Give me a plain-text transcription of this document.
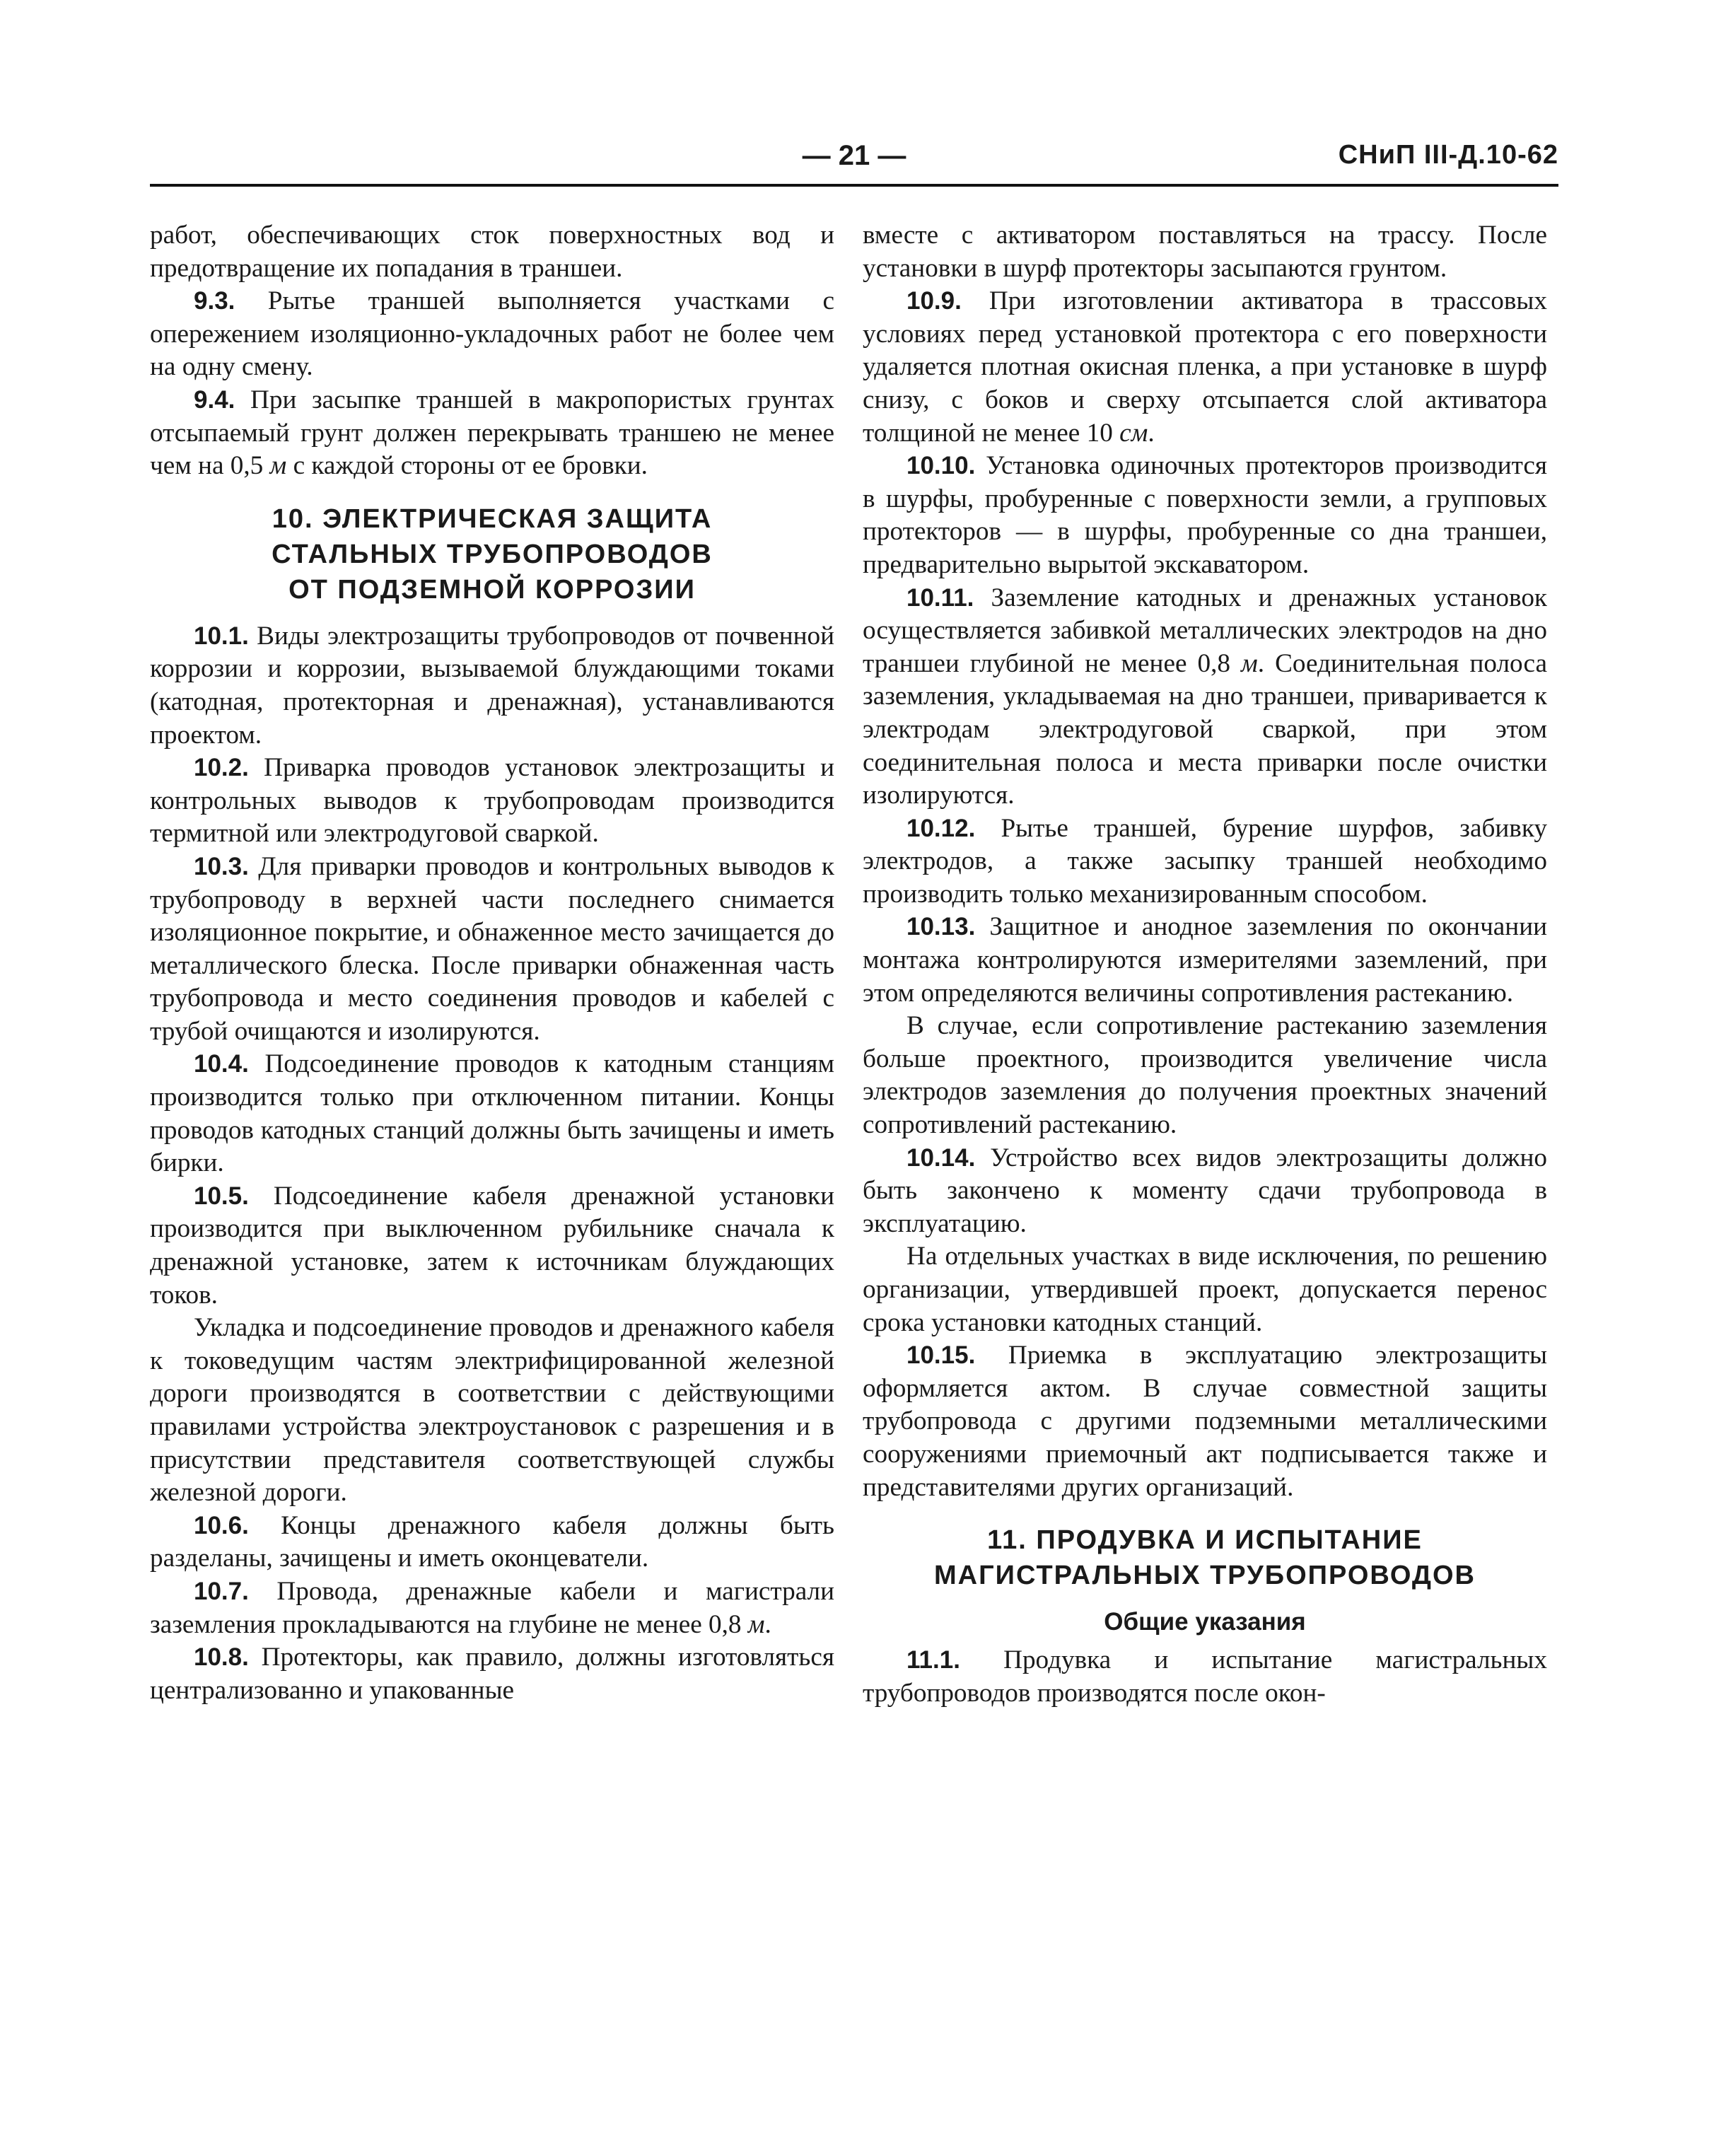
— 21 —	СНиП III-Д.10-62

работ, обеспечивающих сток поверхностных вод и предотвращение их попадания в траншеи.

9.3. Рытье траншей выполняется участками с опережением изоляционно-укладочных работ не более чем на одну смену.

9.4. При засыпке траншей в макропористых грунтах отсыпаемый грунт должен перекрывать траншею не менее чем на 0,5 м с каждой стороны от ее бровки.

10. ЭЛЕКТРИЧЕСКАЯ ЗАЩИТА
СТАЛЬНЫХ ТРУБОПРОВОДОВ
ОТ ПОДЗЕМНОЙ КОРРОЗИИ

10.1. Виды электрозащиты трубопроводов от почвенной коррозии и коррозии, вызываемой блуждающими токами (катодная, протекторная и дренажная), устанавливаются проектом.

10.2. Приварка проводов установок электрозащиты и контрольных выводов к трубопроводам производится термитной или электродуговой сваркой.

10.3. Для приварки проводов и контрольных выводов к трубопроводу в верхней части последнего снимается изоляционное покрытие, и обнаженное место зачищается до металлического блеска. После приварки обнаженная часть трубопровода и место соединения проводов и кабелей с трубой очищаются и изолируются.

10.4. Подсоединение проводов к катодным станциям производится только при отключенном питании. Концы проводов катодных станций должны быть зачищены и иметь бирки.

10.5. Подсоединение кабеля дренажной установки производится при выключенном рубильнике сначала к дренажной установке, затем к источникам блуждающих токов.

Укладка и подсоединение проводов и дренажного кабеля к токоведущим частям электрифицированной железной дороги производятся в соответствии с действующими правилами устройства электроустановок с разрешения и в присутствии представителя соответствующей службы железной дороги.

10.6. Концы дренажного кабеля должны быть разделаны, зачищены и иметь оконцеватели.

10.7. Провода, дренажные кабели и магистрали заземления прокладываются на глубине не менее 0,8 м.

10.8. Протекторы, как правило, должны изготовляться централизованно и упакованные

вместе с активатором поставляться на трассу. После установки в шурф протекторы засыпаются грунтом.

10.9. При изготовлении активатора в трассовых условиях перед установкой протектора с его поверхности удаляется плотная окисная пленка, а при установке в шурф снизу, с боков и сверху отсыпается слой активатора толщиной не менее 10 см.

10.10. Установка одиночных протекторов производится в шурфы, пробуренные с поверхности земли, а групповых протекторов — в шурфы, пробуренные со дна траншеи, предварительно вырытой экскаватором.

10.11. Заземление катодных и дренажных установок осуществляется забивкой металлических электродов на дно траншеи глубиной не менее 0,8 м. Соединительная полоса заземления, укладываемая на дно траншеи, приваривается к электродам электродуговой сваркой, при этом соединительная полоса и места приварки после очистки изолируются.

10.12. Рытье траншей, бурение шурфов, забивку электродов, а также засыпку траншей необходимо производить только механизированным способом.

10.13. Защитное и анодное заземления по окончании монтажа контролируются измерителями заземлений, при этом определяются величины сопротивления растеканию.

В случае, если сопротивление растеканию заземления больше проектного, производится увеличение числа электродов заземления до получения проектных значений сопротивлений растеканию.

10.14. Устройство всех видов электрозащиты должно быть закончено к моменту сдачи трубопровода в эксплуатацию.

На отдельных участках в виде исключения, по решению организации, утвердившей проект, допускается перенос срока установки катодных станций.

10.15. Приемка в эксплуатацию электрозащиты оформляется актом. В случае совместной защиты трубопровода с другими подземными металлическими сооружениями приемочный акт подписывается также и представителями других организаций.

11. ПРОДУВКА И ИСПЫТАНИЕ
МАГИСТРАЛЬНЫХ ТРУБОПРОВОДОВ
Общие указания

11.1. Продувка и испытание магистральных трубопроводов производятся после окон-
